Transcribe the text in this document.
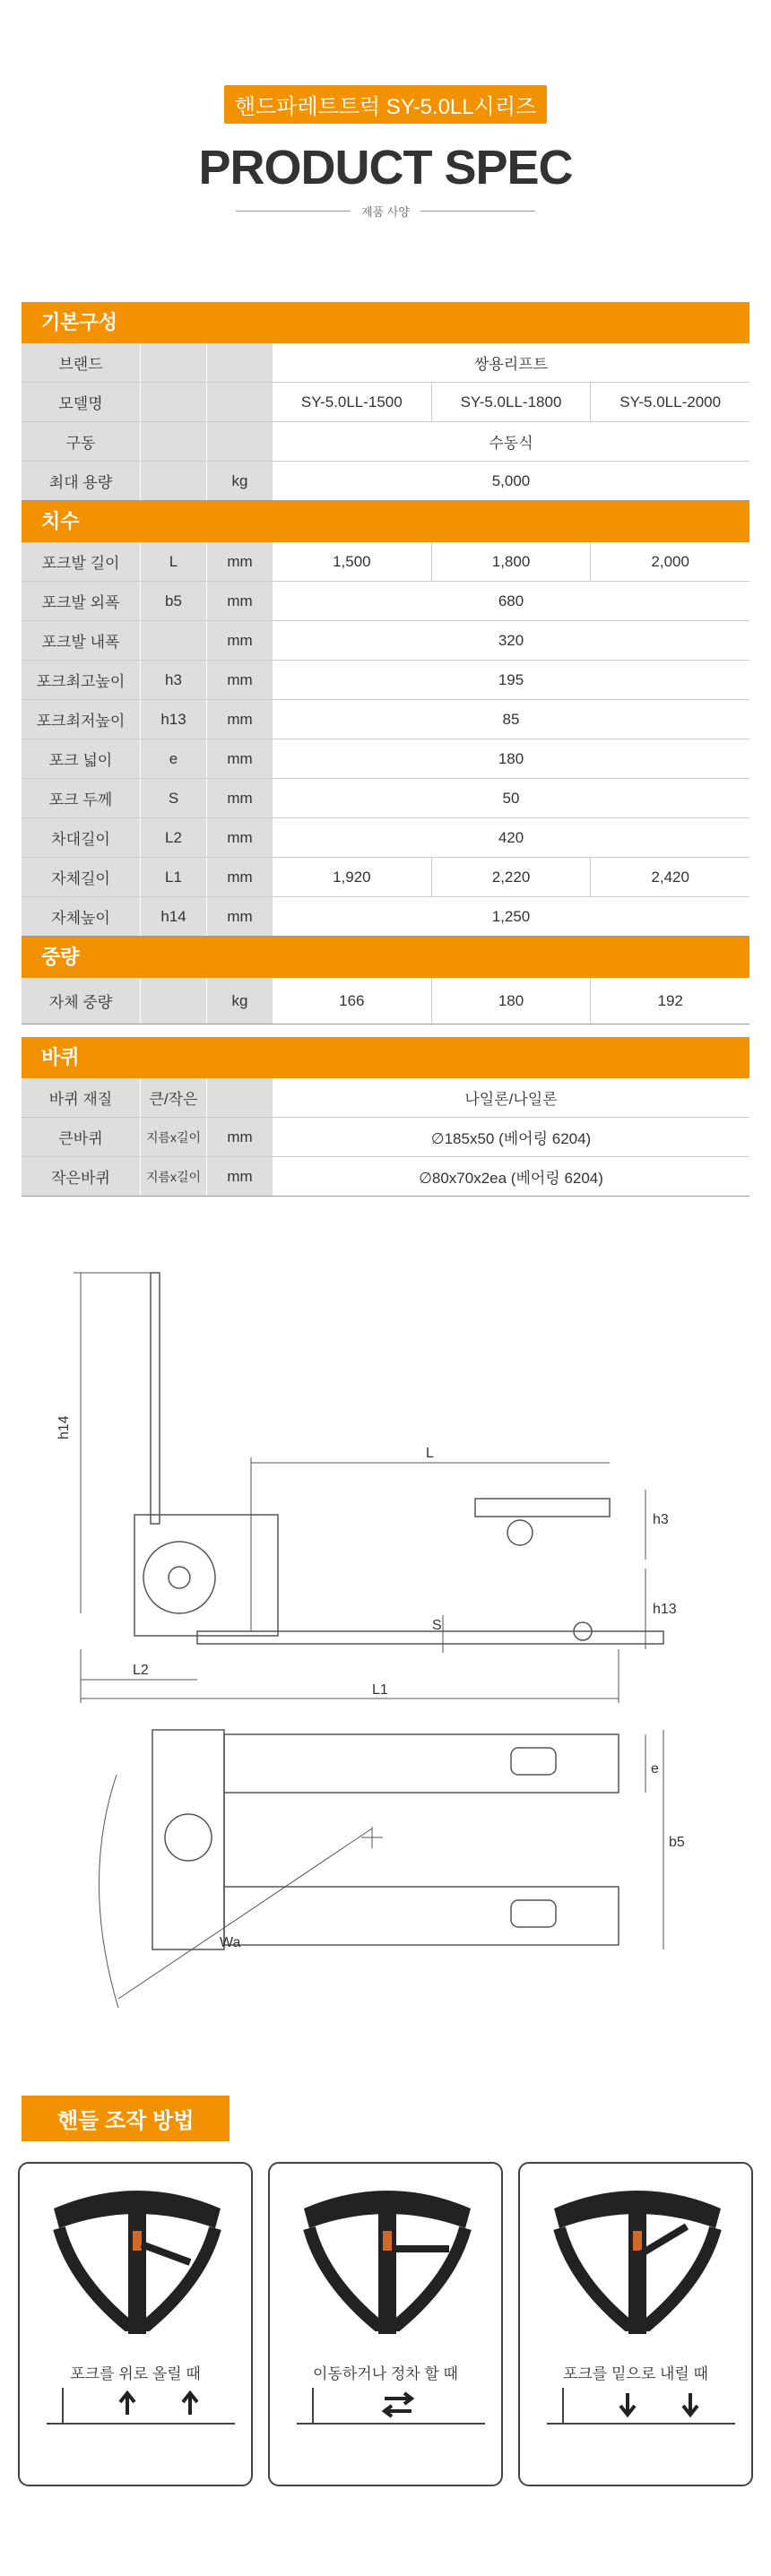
핸드파레트트럭 SY-5.0LL시리즈
PRODUCT SPEC
제품 사양
기본구성
브랜드	쌍용리프트
모델명	SY-5.0LL-1500	SY-5.0LL-1800	SY-5.0LL-2000
구동	수동식
최대 용량	kg	5,000
치수
포크발 길이	L	mm	1,500	1,800	2,000
포크발 외폭	b5	mm	680
포크발 내폭	mm	320
포크최고높이	h3	mm	195
포크최저높이	h13	mm	85
포크 넓이	e	mm	180
포크 두께	S	mm	50
차대길이	L2	mm	420
자체길이	L1	mm	1,920	2,220	2,420
자체높이	h14	mm	1,250
중량
자체 중량	kg	166	180	192
바퀴
바퀴 재질	큰/작은	나일론/나일론
큰바퀴	지름x길이	mm	∅185x50 (베어링 6204)
작은바퀴	지름x길이	mm	∅80x70x2ea (베어링 6204)
h14
L
h3
S
h13
L2
L1
e
b5
Wa
핸들 조작 방법
포크를 위로 올릴 때	이동하거나 정차 할 때	포크를 밑으로 내릴 때
